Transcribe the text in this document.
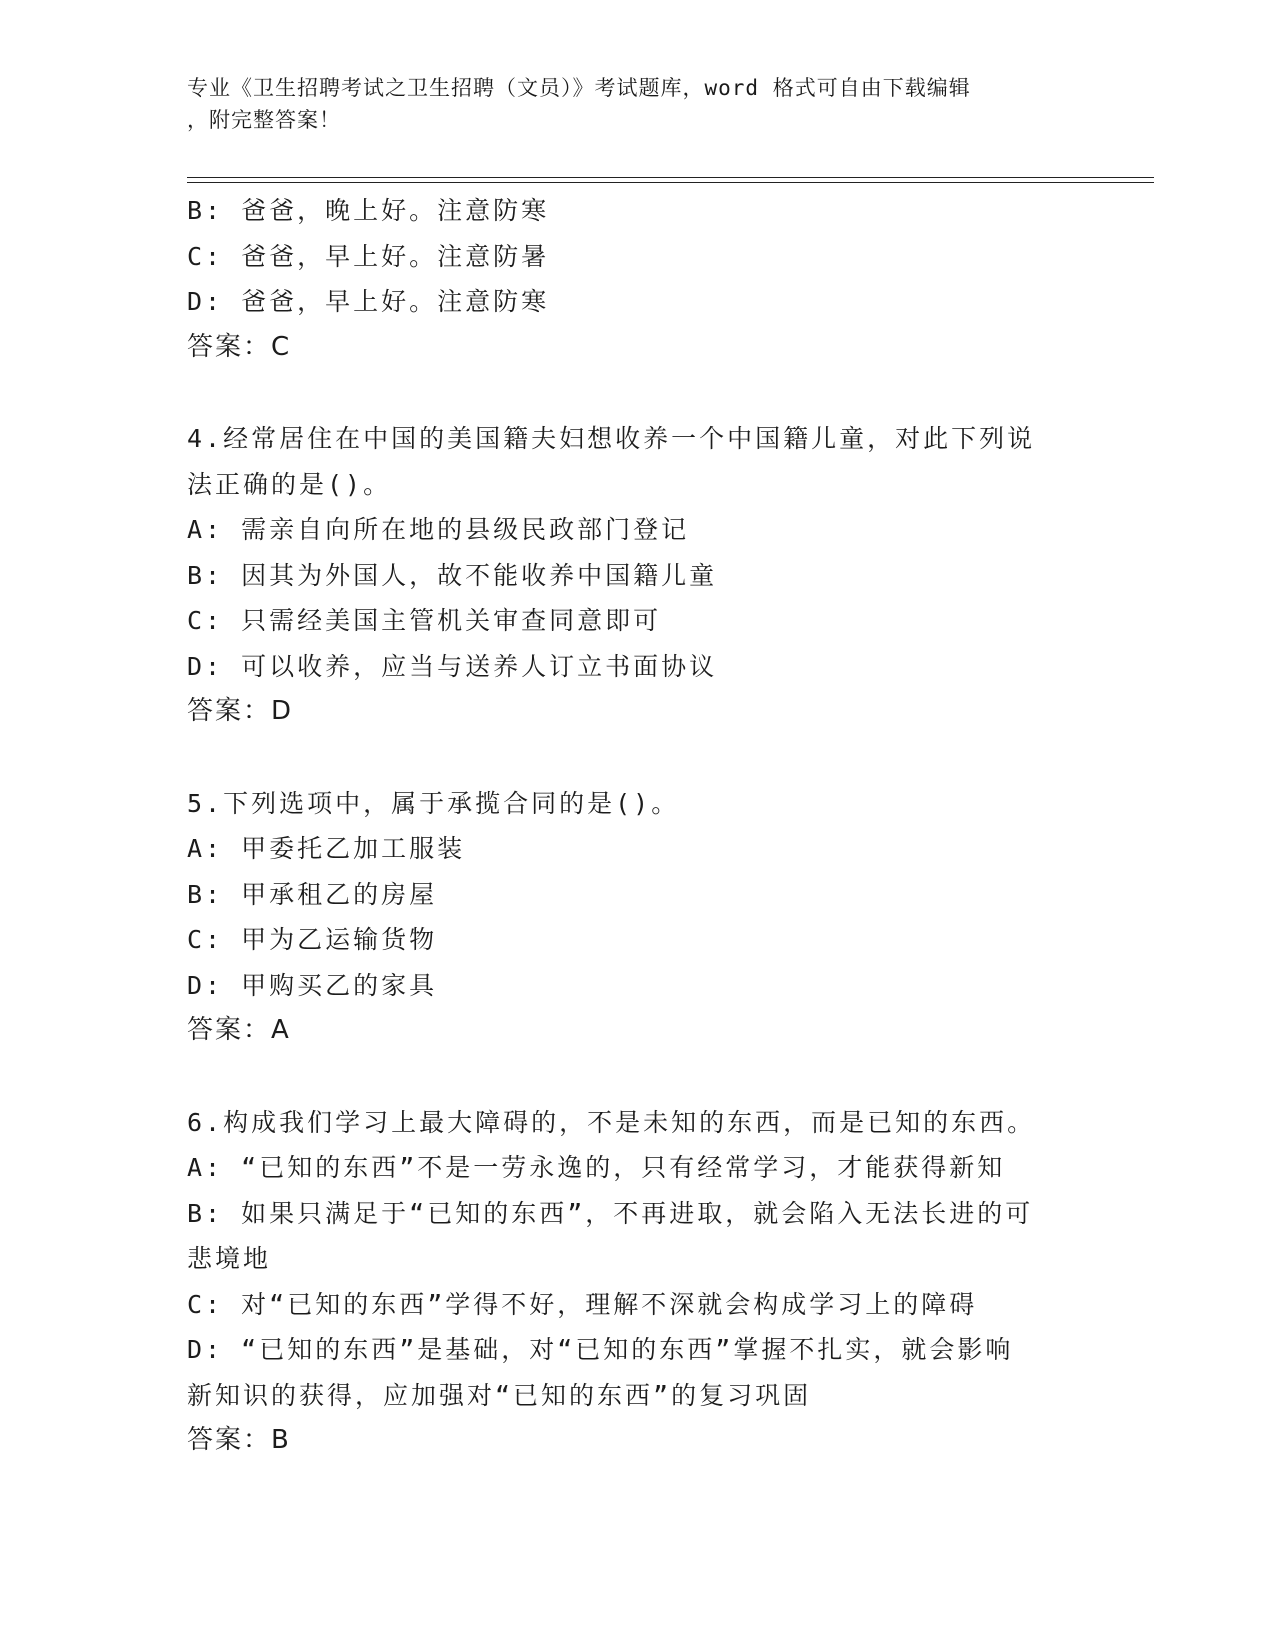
专业《卫生招聘考试之卫生招聘（文员）》考试题库，word 格式可自由下载编辑
，附完整答案！
B: 爸爸，晚上好。注意防寒
C: 爸爸，早上好。注意防暑
D: 爸爸，早上好。注意防寒
答案：C
4.经常居住在中国的美国籍夫妇想收养一个中国籍儿童，对此下列说
法正确的是()。
A: 需亲自向所在地的县级民政部门登记
B: 因其为外国人，故不能收养中国籍儿童
C: 只需经美国主管机关审查同意即可
D: 可以收养，应当与送养人订立书面协议
答案：D
5.下列选项中，属于承揽合同的是()。
A: 甲委托乙加工服装
B: 甲承租乙的房屋
C: 甲为乙运输货物
D: 甲购买乙的家具
答案：A
6.构成我们学习上最大障碍的，不是未知的东西，而是已知的东西。
A: “已知的东西”不是一劳永逸的，只有经常学习，才能获得新知
B: 如果只满足于“已知的东西”，不再进取，就会陷入无法长进的可
悲境地
C: 对“已知的东西”学得不好，理解不深就会构成学习上的障碍
D: “已知的东西”是基础，对“已知的东西”掌握不扎实，就会影响
新知识的获得，应加强对“已知的东西”的复习巩固
答案：B
